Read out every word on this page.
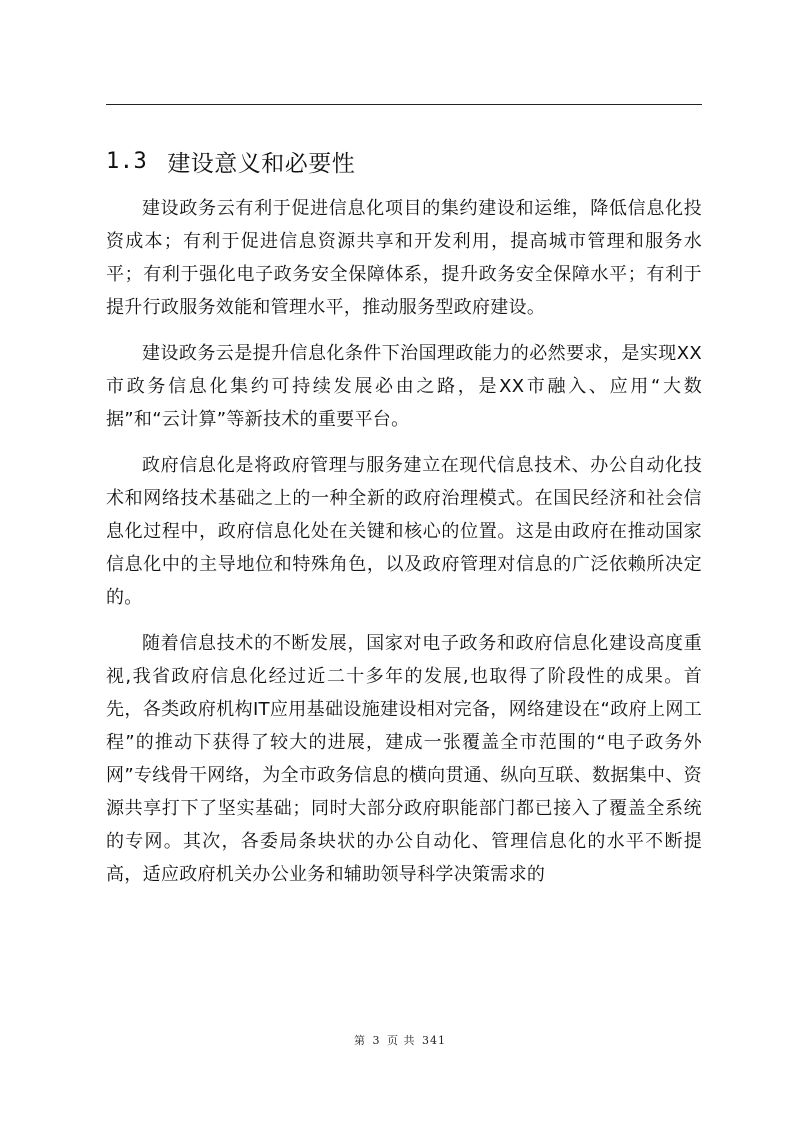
1.3 建设意义和必要性

建设政务云有利于促进信息化项目的集约建设和运维，降低信息化投资成本；有利于促进信息资源共享和开发利用，提高城市管理和服务水平；有利于强化电子政务安全保障体系，提升政务安全保障水平；有利于提升行政服务效能和管理水平，推动服务型政府建设。

建设政务云是提升信息化条件下治国理政能力的必然要求，是实现XX市政务信息化集约可持续发展必由之路，是XX市融入、应用“大数据”和“云计算”等新技术的重要平台。

政府信息化是将政府管理与服务建立在现代信息技术、办公自动化技术和网络技术基础之上的一种全新的政府治理模式。在国民经济和社会信息化过程中，政府信息化处在关键和核心的位置。这是由政府在推动国家信息化中的主导地位和特殊角色，以及政府管理对信息的广泛依赖所决定的。

随着信息技术的不断发展，国家对电子政务和政府信息化建设高度重视,我省政府信息化经过近二十多年的发展,也取得了阶段性的成果。首先，各类政府机构IT应用基础设施建设相对完备，网络建设在“政府上网工程”的推动下获得了较大的进展，建成一张覆盖全市范围的“电子政务外网”专线骨干网络，为全市政务信息的横向贯通、纵向互联、数据集中、资源共享打下了坚实基础；同时大部分政府职能部门都已接入了覆盖全系统的专网。其次，各委局条块状的办公自动化、管理信息化的水平不断提高，适应政府机关办公业务和辅助领导科学决策需求的

第 3 页 共 341
